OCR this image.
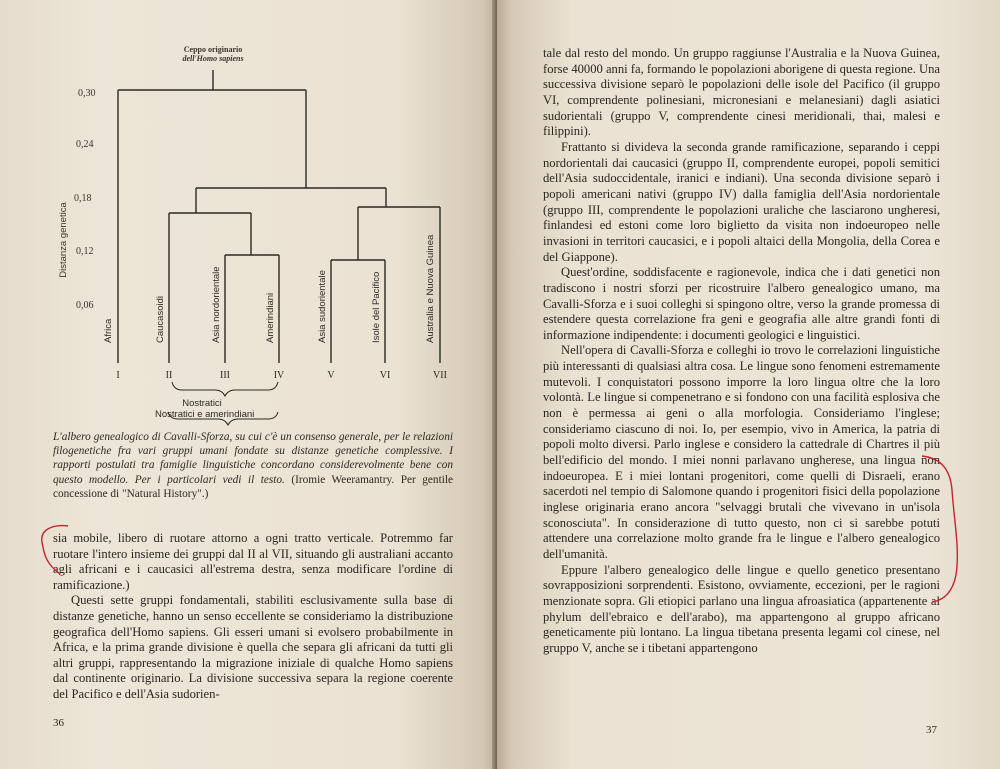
Ceppo originario
dell'Homo sapiens
Distanza genetica
0,30
0,24
0,18
0,12
0,06
Africa	Caucasoidi	Asia nordorientale	Amerindiani	Asia sudorientale	Isole del Pacifico	Australia e Nuova Guinea
I	II	III	IV	V	VI	VII
Nostratici
Nostratici e amerindiani
L'albero genealogico di Cavalli-Sforza, su cui c'è un consenso generale, per le relazioni filogenetiche fra vari gruppi umani fondate su distanze genetiche complessive. I rapporti postulati tra famiglie linguistiche concordano considerevolmente bene con questo modello. Per i particolari vedi il testo. (Iromie Weeramantry. Per gentile concessione di "Natural History".)

sia mobile, libero di ruotare attorno a ogni tratto verticale. Potremmo far ruotare l'intero insieme dei gruppi dal II al VII, situando gli australiani accanto agli africani e i caucasici all'estrema destra, senza modificare l'ordine di ramificazione.)

Questi sette gruppi fondamentali, stabiliti esclusivamente sulla base di distanze genetiche, hanno un senso eccellente se consideriamo la distribuzione geografica dell'Homo sapiens. Gli esseri umani si evolsero probabilmente in Africa, e la prima grande divisione è quella che separa gli africani da tutti gli altri gruppi, rappresentando la migrazione iniziale di qualche Homo sapiens dal continente originario. La divisione successiva separa la regione coerente del Pacifico e dell'Asia sudorien-

36

tale dal resto del mondo. Un gruppo raggiunse l'Australia e la Nuova Guinea, forse 40000 anni fa, formando le popolazioni aborigene di questa regione. Una successiva divisione separò le popolazioni delle isole del Pacifico (il gruppo VI, comprendente polinesiani, micronesiani e melanesiani) dagli asiatici sudorientali (gruppo V, comprendente cinesi meridionali, thai, malesi e filippini).

Frattanto si divideva la seconda grande ramificazione, separando i ceppi nordorientali dai caucasici (gruppo II, comprendente europei, popoli semitici dell'Asia sudoccidentale, iranici e indiani). Una seconda divisione separò i popoli americani nativi (gruppo IV) dalla famiglia dell'Asia nordorientale (gruppo III, comprendente le popolazioni uraliche che lasciarono ungheresi, finlandesi ed estoni come loro biglietto da visita non indoeuropeo nelle invasioni in territori caucasici, e i popoli altaici della Mongolia, della Corea e del Giappone).

Quest'ordine, soddisfacente e ragionevole, indica che i dati genetici non tradiscono i nostri sforzi per ricostruire l'albero genealogico umano, ma Cavalli-Sforza e i suoi colleghi si spingono oltre, verso la grande promessa di estendere questa correlazione fra geni e geografia alle altre grandi fonti di informazione indipendente: i documenti geologici e linguistici.

Nell'opera di Cavalli-Sforza e colleghi io trovo le correlazioni linguistiche più interessanti di qualsiasi altra cosa. Le lingue sono fenomeni estremamente mutevoli. I conquistatori possono imporre la loro lingua oltre che la loro volontà. Le lingue si compenetrano e si fondono con una facilità esplosiva che non è permessa ai geni o alla morfologia. Consideriamo l'inglese; consideriamo ciascuno di noi. Io, per esempio, vivo in America, la patria di popoli molto diversi. Parlo inglese e considero la cattedrale di Chartres il più bell'edificio del mondo. I miei nonni parlavano ungherese, una lingua non indoeuropea. E i miei lontani progenitori, come quelli di Disraeli, erano sacerdoti nel tempio di Salomone quando i progenitori fisici della popolazione inglese originaria erano ancora "selvaggi brutali che vivevano in un'isola sconosciuta". In considerazione di tutto questo, non ci si sarebbe potuti attendere una correlazione molto grande fra le lingue e l'albero genealogico dell'umanità.

Eppure l'albero genealogico delle lingue e quello genetico presentano sovrapposizioni sorprendenti. Esistono, ovviamente, eccezioni, per le ragioni menzionate sopra. Gli etiopici parlano una lingua afroasiatica (appartenente al phylum dell'ebraico e dell'arabo), ma appartengono al gruppo africano geneticamente più lontano. La lingua tibetana presenta legami col cinese, nel gruppo V, anche se i tibetani appartengono

37
